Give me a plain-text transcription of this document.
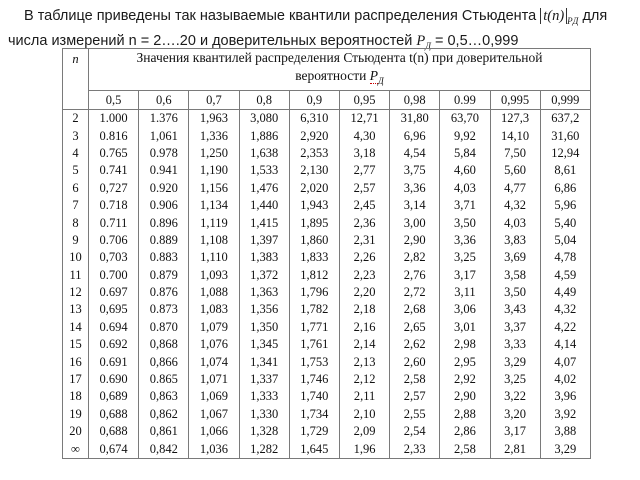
В таблице приведены так называемые квантили распределения Стьюдента t(n) $_{PД}$ для
числа измерений n = 2….20 и доверительных вероятностей $P_Д$ = 0,5…0,999
n	Значения квантилей распределения Стьюдента t(n) при доверительной
вероятности $P_Д$
	0,5	0,6	0,7	0,8	0,9	0,95	0,98	0.99	0,995	0,999
2	1.000	1.376	1,963	3,080	6,310	12,71	31,80	63,70	127,3	637,2
3	0.816	1,061	1,336	1,886	2,920	4,30	6,96	9,92	14,10	31,60
4	0.765	0.978	1,250	1,638	2,353	3,18	4,54	5,84	7,50	12,94
5	0.741	0.941	1,190	1,533	2,130	2,77	3,75	4,60	5,60	8,61
6	0,727	0.920	1,156	1,476	2,020	2,57	3,36	4,03	4,77	6,86
7	0.718	0.906	1,134	1,440	1,943	2,45	3,14	3,71	4,32	5,96
8	0.711	0.896	1,119	1,415	1,895	2,36	3,00	3,50	4,03	5,40
9	0.706	0.889	1,108	1,397	1,860	2,31	2,90	3,36	3,83	5,04
10	0,703	0.883	1,110	1,383	1,833	2,26	2,82	3,25	3,69	4,78
11	0.700	0.879	1,093	1,372	1,812	2,23	2,76	3,17	3,58	4,59
12	0.697	0.876	1,088	1,363	1,796	2,20	2,72	3,11	3,50	4,49
13	0,695	0.873	1,083	1,356	1,782	2,18	2,68	3,06	3,43	4,32
14	0.694	0.870	1,079	1,350	1,771	2,16	2,65	3,01	3,37	4,22
15	0.692	0,868	1,076	1,345	1,761	2,14	2,62	2,98	3,33	4,14
16	0.691	0,866	1,074	1,341	1,753	2,13	2,60	2,95	3,29	4,07
17	0.690	0.865	1,071	1,337	1,746	2,12	2,58	2,92	3,25	4,02
18	0,689	0,863	1,069	1,333	1,740	2,11	2,57	2,90	3,22	3,96
19	0,688	0,862	1,067	1,330	1,734	2,10	2,55	2,88	3,20	3,92
20	0,688	0,861	1,066	1,328	1,729	2,09	2,54	2,86	3,17	3,88
∞	0,674	0,842	1,036	1,282	1,645	1,96	2,33	2,58	2,81	3,29
